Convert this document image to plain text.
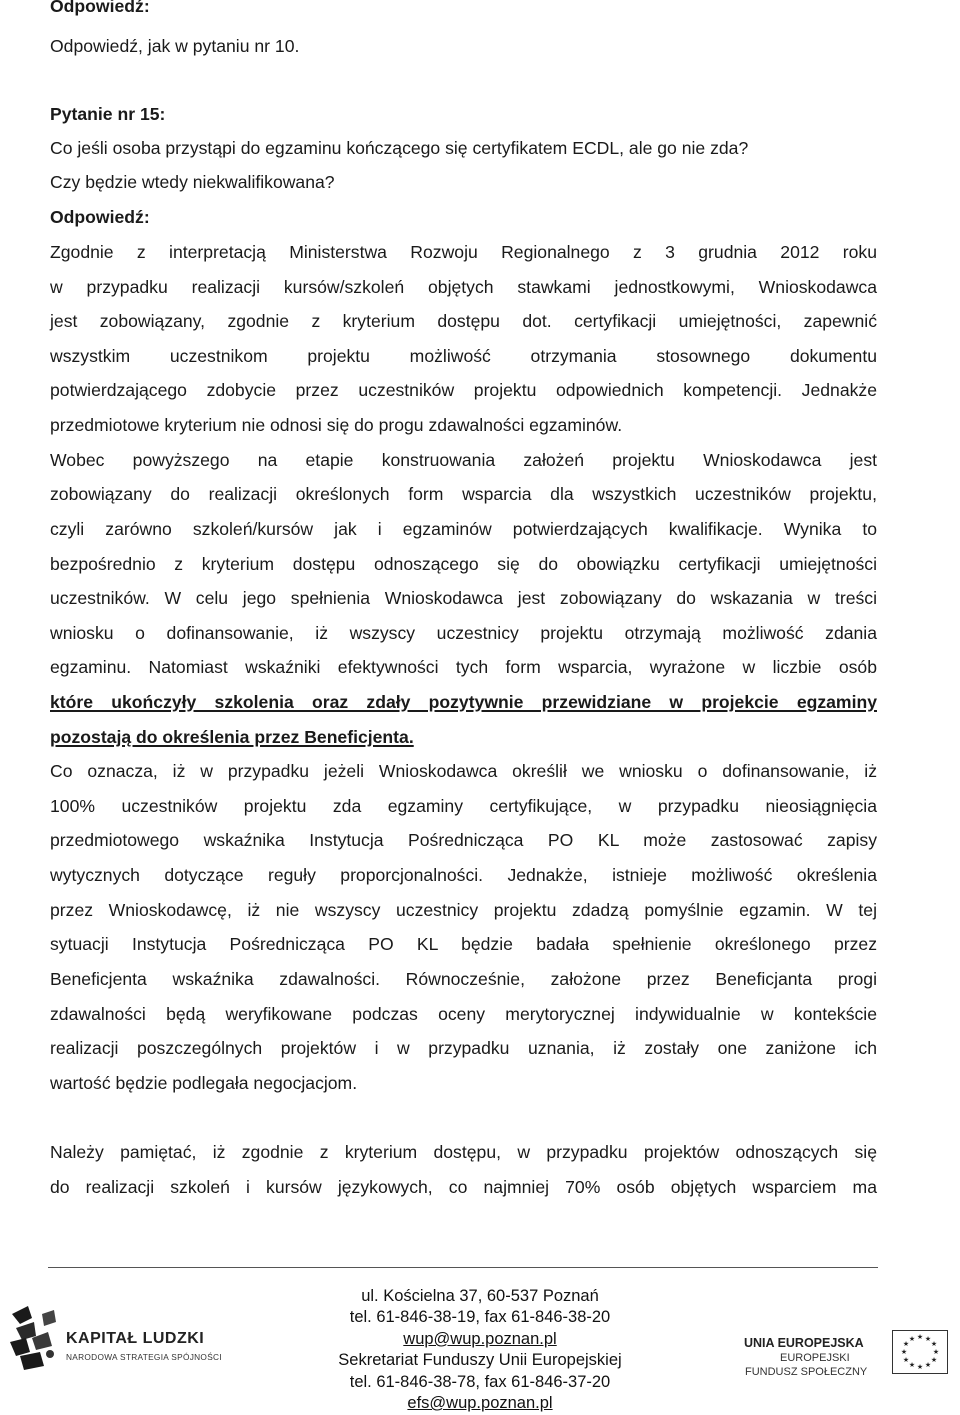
Odpowiedź:
Odpowiedź, jak w pytaniu nr 10.
Pytanie nr 15:
Co jeśli osoba przystąpi do egzaminu kończącego się certyfikatem ECDL, ale go nie zda?
Czy będzie wtedy niekwalifikowana?
Odpowiedź:
Zgodnie z interpretacją Ministerstwa Rozwoju Regionalnego z 3 grudnia 2012 roku
w przypadku realizacji kursów/szkoleń objętych stawkami jednostkowymi, Wnioskodawca
jest zobowiązany, zgodnie z kryterium dostępu dot. certyfikacji umiejętności, zapewnić
wszystkim uczestnikom projektu możliwość otrzymania stosownego dokumentu
potwierdzającego zdobycie przez uczestników projektu odpowiednich kompetencji. Jednakże
przedmiotowe kryterium nie odnosi się do progu zdawalności egzaminów.
Wobec powyższego na etapie konstruowania założeń projektu Wnioskodawca jest
zobowiązany do realizacji określonych form wsparcia dla wszystkich uczestników projektu,
czyli zarówno szkoleń/kursów jak i egzaminów potwierdzających kwalifikacje. Wynika to
bezpośrednio z kryterium dostępu odnoszącego się do obowiązku certyfikacji umiejętności
uczestników. W celu jego spełnienia Wnioskodawca jest zobowiązany do wskazania w treści
wniosku o dofinansowanie, iż wszyscy uczestnicy projektu otrzymają możliwość zdania
egzaminu. Natomiast wskaźniki efektywności tych form wsparcia, wyrażone w liczbie osób
które ukończyły szkolenia oraz zdały pozytywnie przewidziane w projekcie egzaminy
pozostają do określenia przez Beneficjenta.
Co oznacza, iż w przypadku jeżeli Wnioskodawca określił we wniosku o dofinansowanie, iż
100% uczestników projektu zda egzaminy certyfikujące, w przypadku nieosiągnięcia
przedmiotowego wskaźnika Instytucja Pośrednicząca PO KL może zastosować zapisy
wytycznych dotyczące reguły proporcjonalności. Jednakże, istnieje możliwość określenia
przez Wnioskodawcę, iż nie wszyscy uczestnicy projektu zdadzą pomyślnie egzamin. W tej
sytuacji Instytucja Pośrednicząca PO KL będzie badała spełnienie określonego przez
Beneficjenta wskaźnika zdawalności. Równocześnie, założone przez Beneficjanta progi
zdawalności będą weryfikowane podczas oceny merytorycznej indywidualnie w kontekście
realizacji poszczególnych projektów i w przypadku uznania, iż zostały one zaniżone ich
wartość będzie podlegała negocjacjom.
Należy pamiętać, iż zgodnie z kryterium dostępu, w przypadku projektów odnoszących się
do realizacji szkoleń i kursów językowych, co najmniej 70% osób objętych wsparciem ma
KAPITAŁ LUDZKI
NARODOWA STRATEGIA SPÓJNOŚCI
ul. Kościelna 37, 60-537 Poznań
tel. 61-846-38-19, fax 61-846-38-20
wup@wup.poznan.pl
Sekretariat Funduszy Unii Europejskiej
tel. 61-846-38-78, fax 61-846-37-20
efs@wup.poznan.pl
UNIA EUROPEJSKA
EUROPEJSKI
FUNDUSZ SPOŁECZNY
★ ★
★
★
★
★
★
★
★
★
★
★
